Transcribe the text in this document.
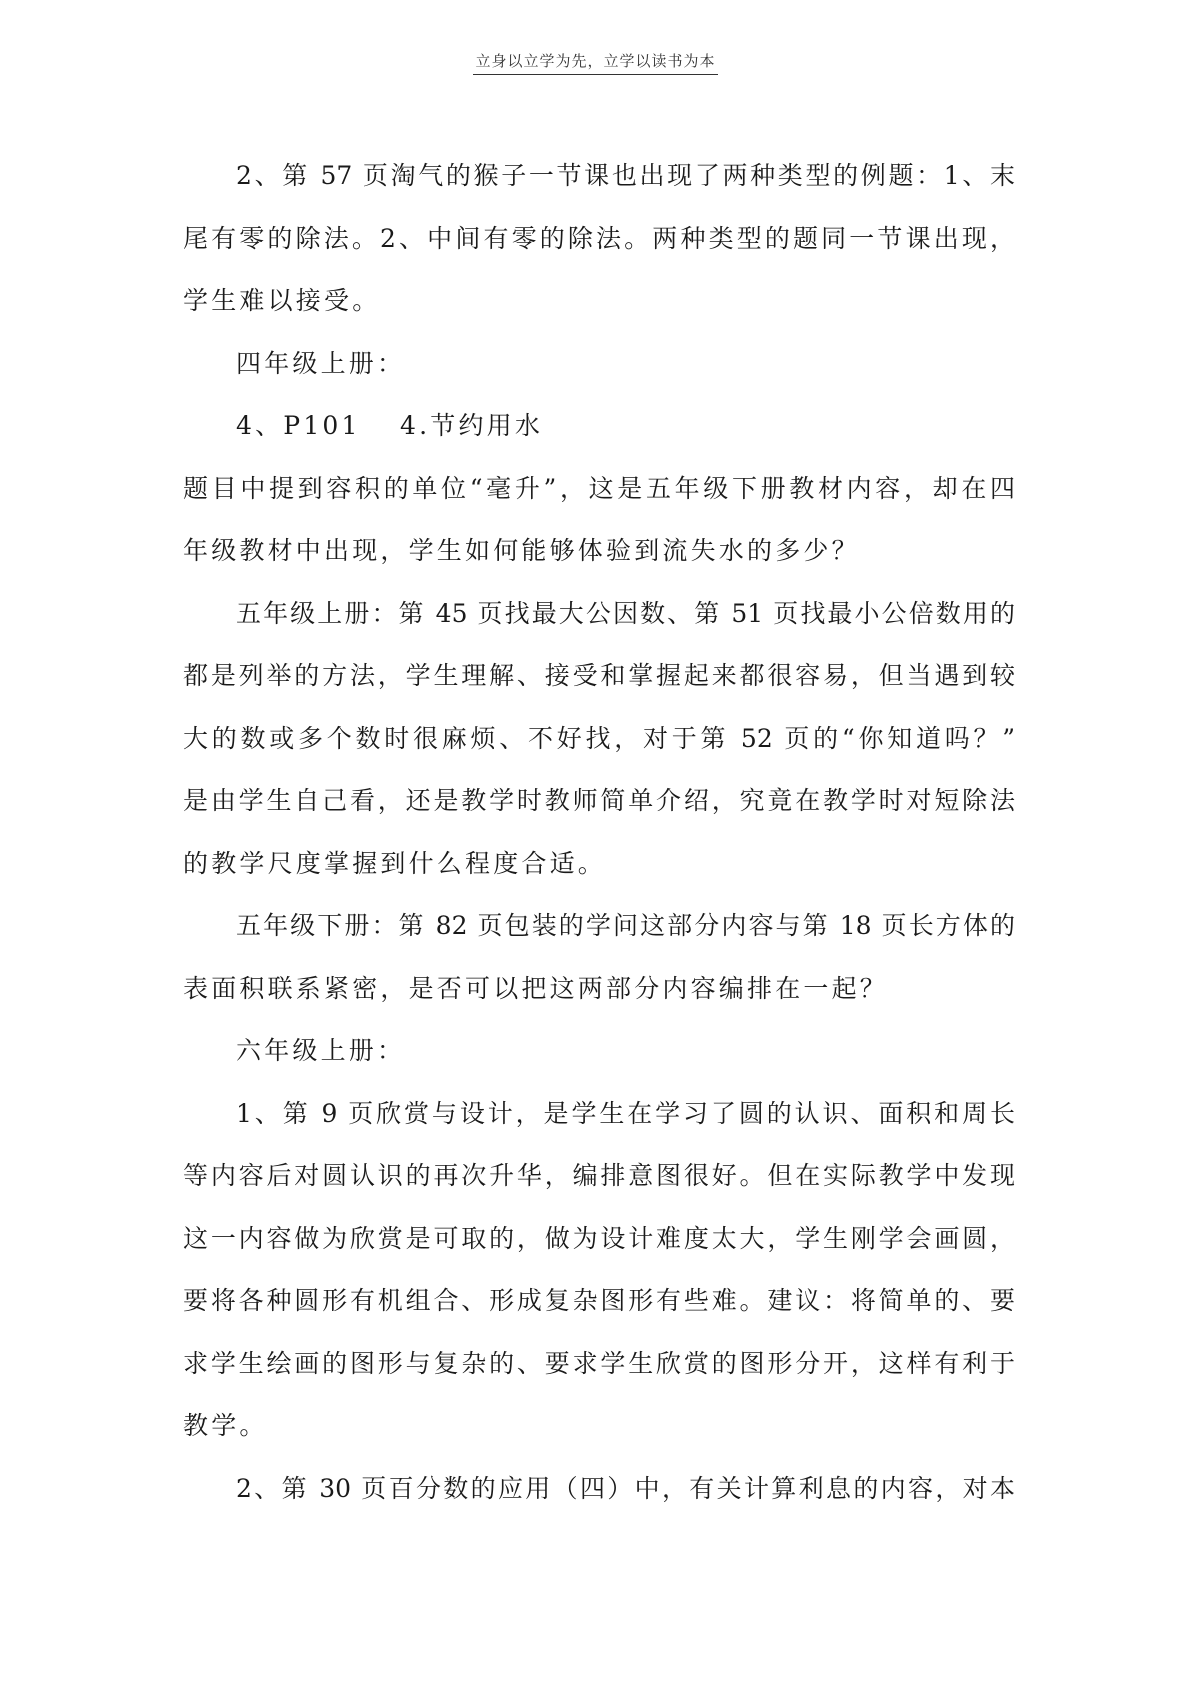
立身以立学为先，立学以读书为本
2、第 57 页淘气的猴子一节课也出现了两种类型的例题：1、末
尾有零的除法。2、中间有零的除法。两种类型的题同一节课出现，
学生难以接受。
四年级上册：
4、P101　 4.节约用水
题目中提到容积的单位“毫升”，这是五年级下册教材内容，却在四
年级教材中出现，学生如何能够体验到流失水的多少？
五年级上册：第 45 页找最大公因数、第 51 页找最小公倍数用的
都是列举的方法，学生理解、接受和掌握起来都很容易，但当遇到较
大的数或多个数时很麻烦、不好找，对于第 52 页的“你知道吗？”
是由学生自己看，还是教学时教师简单介绍，究竟在教学时对短除法
的教学尺度掌握到什么程度合适。
五年级下册：第 82 页包装的学问这部分内容与第 18 页长方体的
表面积联系紧密，是否可以把这两部分内容编排在一起？
六年级上册：
1、第 9 页欣赏与设计，是学生在学习了圆的认识、面积和周长
等内容后对圆认识的再次升华，编排意图很好。但在实际教学中发现
这一内容做为欣赏是可取的，做为设计难度太大，学生刚学会画圆，
要将各种圆形有机组合、形成复杂图形有些难。建议：将简单的、要
求学生绘画的图形与复杂的、要求学生欣赏的图形分开，这样有利于
教学。
2、第 30 页百分数的应用（四）中，有关计算利息的内容，对本
